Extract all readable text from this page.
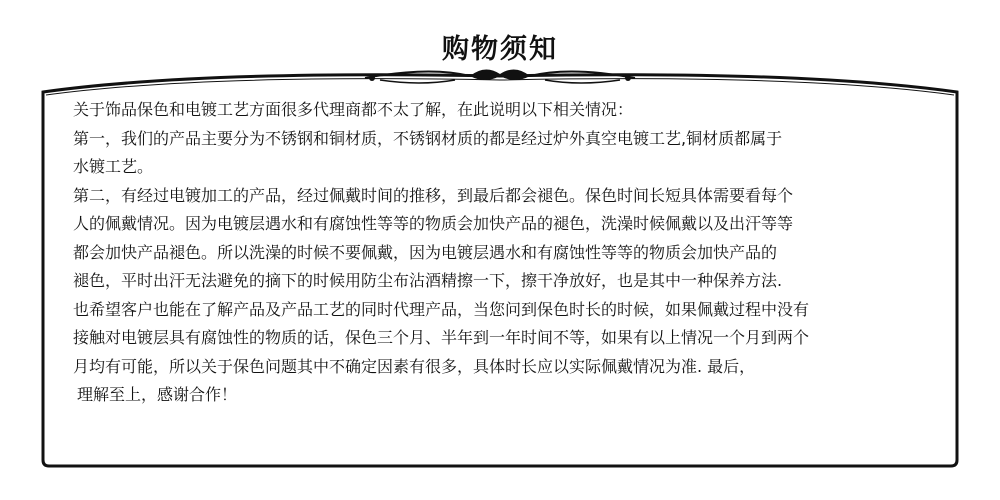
购物须知
关于饰品保色和电镀工艺方面很多代理商都不太了解，在此说明以下相关情况：
第一，我们的产品主要分为不锈钢和铜材质，不锈钢材质的都是经过炉外真空电镀工艺,铜材质都属于
水镀工艺。
第二，有经过电镀加工的产品，经过佩戴时间的推移，到最后都会褪色。保色时间长短具体需要看每个
人的佩戴情况。因为电镀层遇水和有腐蚀性等等的物质会加快产品的褪色，洗澡时候佩戴以及出汗等等
都会加快产品褪色。所以洗澡的时候不要佩戴，因为电镀层遇水和有腐蚀性等等的物质会加快产品的
褪色，平时出汗无法避免的摘下的时候用防尘布沾酒精擦一下，擦干净放好，也是其中一种保养方法.
也希望客户也能在了解产品及产品工艺的同时代理产品，当您问到保色时长的时候，如果佩戴过程中没有
接触对电镀层具有腐蚀性的物质的话，保色三个月、半年到一年时间不等，如果有以上情况一个月到两个
月均有可能，所以关于保色问题其中不确定因素有很多，具体时长应以实际佩戴情况为准. 最后，
理解至上，感谢合作！
